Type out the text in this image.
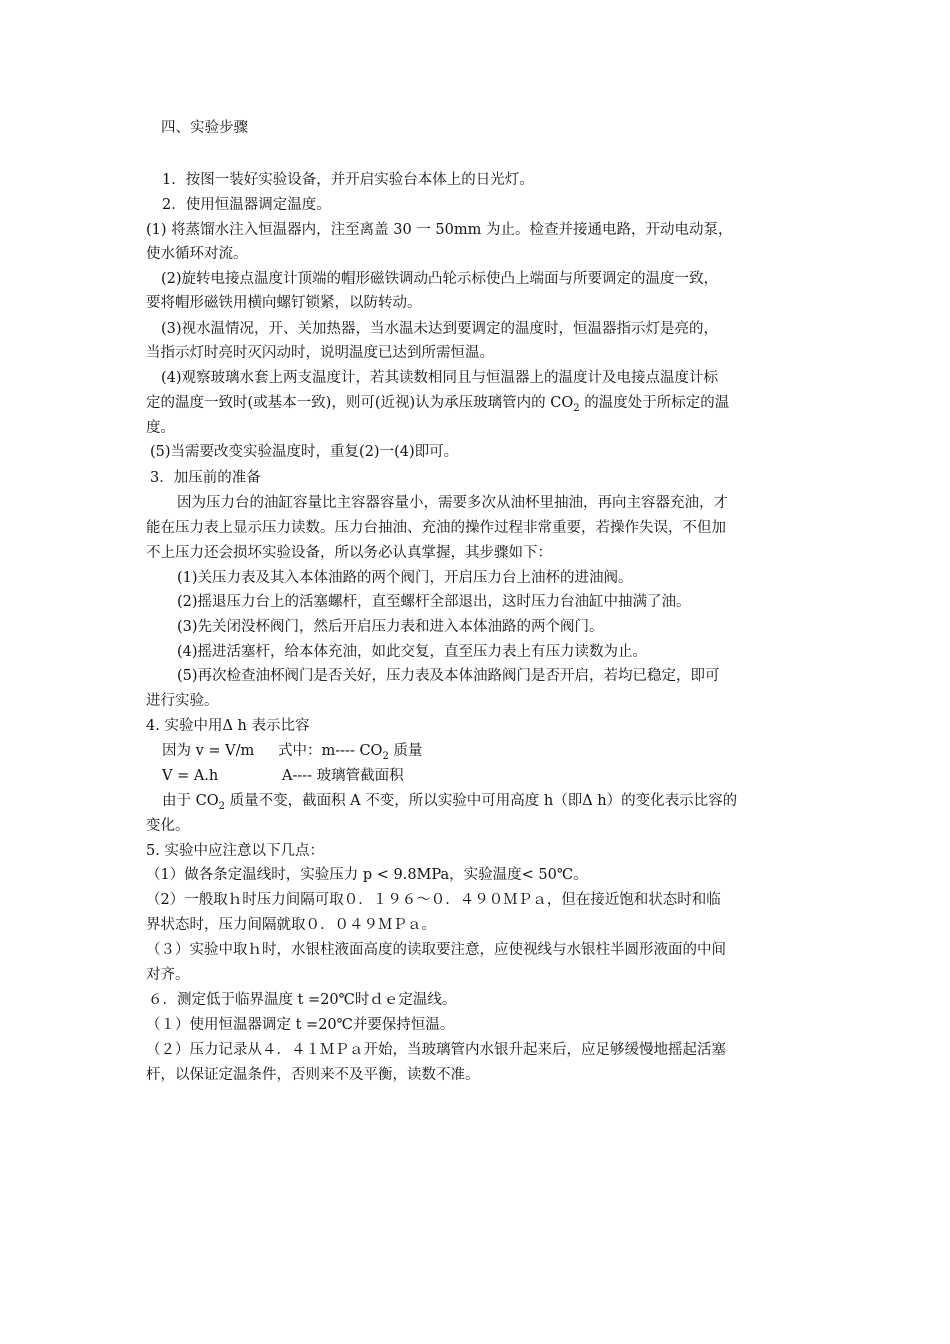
四、实验步骤
1．按图一装好实验设备，并开启实验台本体上的日光灯。
2．使用恒温器调定温度。
(1) 将蒸馏水注入恒温器内，注至离盖 30 一 50mm 为止。检查并接通电路，开动电动泵，
使水循环对流。
(2)旋转电接点温度计顶端的帽形磁铁调动凸轮示标使凸上端面与所要调定的温度一致，
要将帽形磁铁用横向螺钉锁紧，以防转动。
(3)视水温情况，开、关加热器，当水温未达到要调定的温度时，恒温器指示灯是亮的，
当指示灯时亮时灭闪动时，说明温度已达到所需恒温。
(4)观察玻璃水套上两支温度计，若其读数相同且与恒温器上的温度计及电接点温度计标
定的温度一致时(或基本一致)，则可(近视)认为承压玻璃管内的 $CO_2$ 的温度处于所标定的温
度。
(5)当需要改变实验温度时，重复(2)一(4)即可。
3．加压前的准备
因为压力台的油缸容量比主容器容量小，需要多次从油杯里抽油，再向主容器充油，才
能在压力表上显示压力读数。压力台抽油、充油的操作过程非常重要，若操作失误，不但加
不上压力还会损坏实验设备，所以务必认真掌握，其步骤如下：
(1)关压力表及其入本体油路的两个阀门，开启压力台上油杯的进油阀。
(2)摇退压力台上的活塞螺杆，直至螺杆全部退出，这时压力台油缸中抽满了油。
(3)先关闭没杯阀门，然后开启压力表和进入本体油路的两个阀门。
(4)摇进活塞杆，给本体充油，如此交复，直至压力表上有压力读数为止。
(5)再次检查油杯阀门是否关好，压力表及本体油路阀门是否开启，若均已稳定，即可
进行实验。
4. 实验中用Δ h 表示比容
因为 v = V/m 式中：m---- $CO_2$ 质量
V = A.h	A---- 玻璃管截面积
由于 $CO_2$ 质量不变，截面积 A 不变，所以实验中可用高度 h（即Δ h）的变化表示比容的
变化。
5. 实验中应注意以下几点：
（1）做各条定温线时，实验压力 p < 9.8MPa，实验温度< 50℃。
（2）一般取ｈ时压力间隔可取０．１９６～０．４９０ＭＰａ，但在接近饱和状态时和临
界状态时，压力间隔就取０．０４９ＭＰａ。
（３）实验中取ｈ时，水银柱液面高度的读取要注意，应使视线与水银柱半圆形液面的中间
对齐。
６．测定低于临界温度 t =20℃时ｄｅ定温线。
（１）使用恒温器调定 t =20℃并要保持恒温。
（２）压力记录从４．４１ＭＰａ开始，当玻璃管内水银升起来后，应足够缓慢地摇起活塞
杆，以保证定温条件，否则来不及平衡，读数不准。
